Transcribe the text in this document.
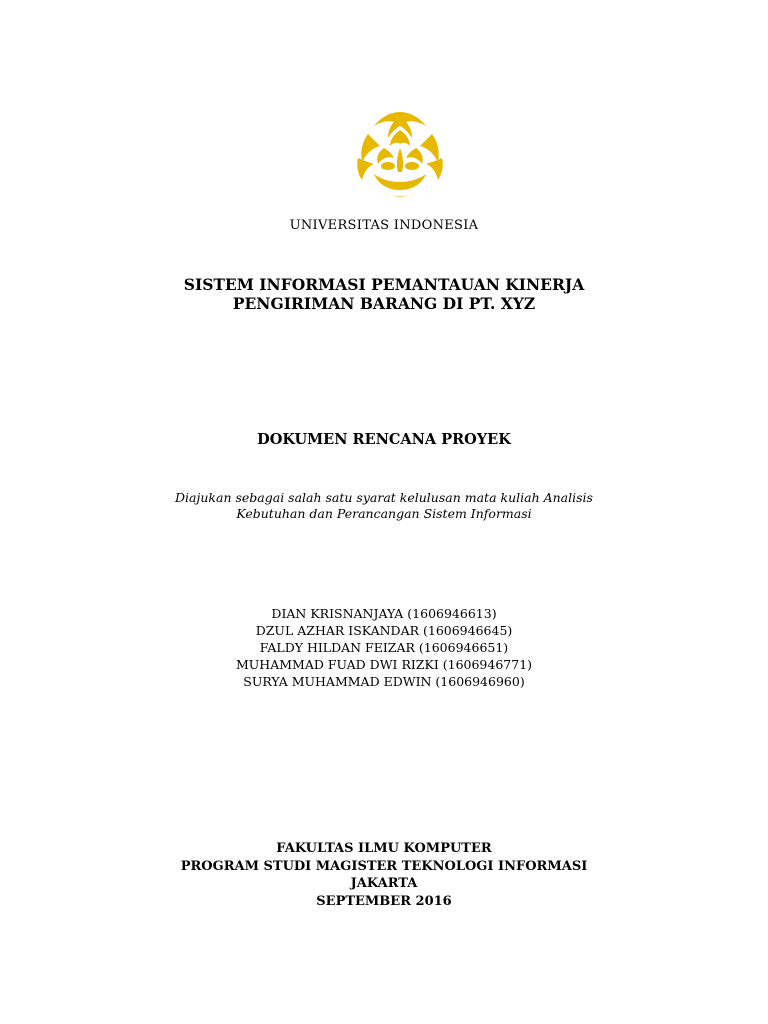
UNIVERSITAS INDONESIA
SISTEM INFORMASI PEMANTAUAN KINERJA
PENGIRIMAN BARANG DI PT. XYZ
DOKUMEN RENCANA PROYEK
Diajukan sebagai salah satu syarat kelulusan mata kuliah Analisis
Kebutuhan dan Perancangan Sistem Informasi
DIAN KRISNANJAYA (1606946613)
DZUL AZHAR ISKANDAR (1606946645)
FALDY HILDAN FEIZAR (1606946651)
MUHAMMAD FUAD DWI RIZKI (1606946771)
SURYA MUHAMMAD EDWIN (1606946960)
FAKULTAS ILMU KOMPUTER
PROGRAM STUDI MAGISTER TEKNOLOGI INFORMASI
JAKARTA
SEPTEMBER 2016
